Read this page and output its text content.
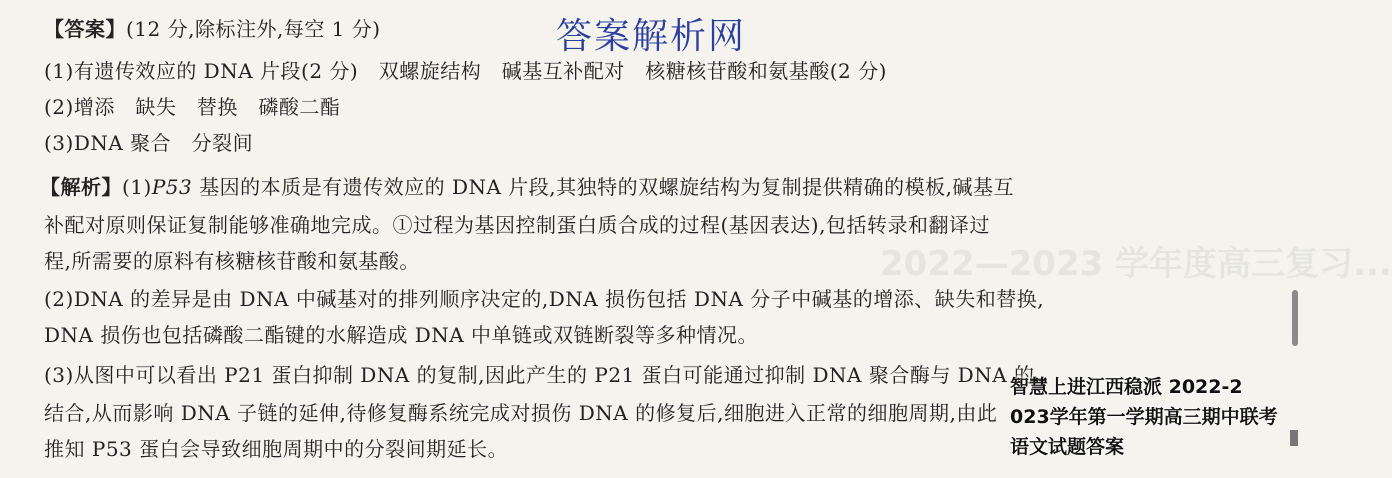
2022—2023 学年度高三复习...
答案解析网
【答案】(12 分,除标注外,每空 1 分)
(1)有遗传效应的 DNA 片段(2 分)　双螺旋结构　碱基互补配对　核糖核苷酸和氨基酸(2 分)
(2)增添　缺失　替换　磷酸二酯
(3)DNA 聚合　分裂间
【解析】(1)P53 基因的本质是有遗传效应的 DNA 片段,其独特的双螺旋结构为复制提供精确的模板,碱基互
补配对原则保证复制能够准确地完成。①过程为基因控制蛋白质合成的过程(基因表达),包括转录和翻译过
程,所需要的原料有核糖核苷酸和氨基酸。
(2)DNA 的差异是由 DNA 中碱基对的排列顺序决定的,DNA 损伤包括 DNA 分子中碱基的增添、缺失和替换,
DNA 损伤也包括磷酸二酯键的水解造成 DNA 中单链或双链断裂等多种情况。
(3)从图中可以看出 P21 蛋白抑制 DNA 的复制,因此产生的 P21 蛋白可能通过抑制 DNA 聚合酶与 DNA 的
结合,从而影响 DNA 子链的延伸,待修复酶系统完成对损伤 DNA 的修复后,细胞进入正常的细胞周期,由此
推知 P53 蛋白会导致细胞周期中的分裂间期延长。
智慧上进江西稳派 2022-2
023学年第一学期高三期中联考
语文试题答案
